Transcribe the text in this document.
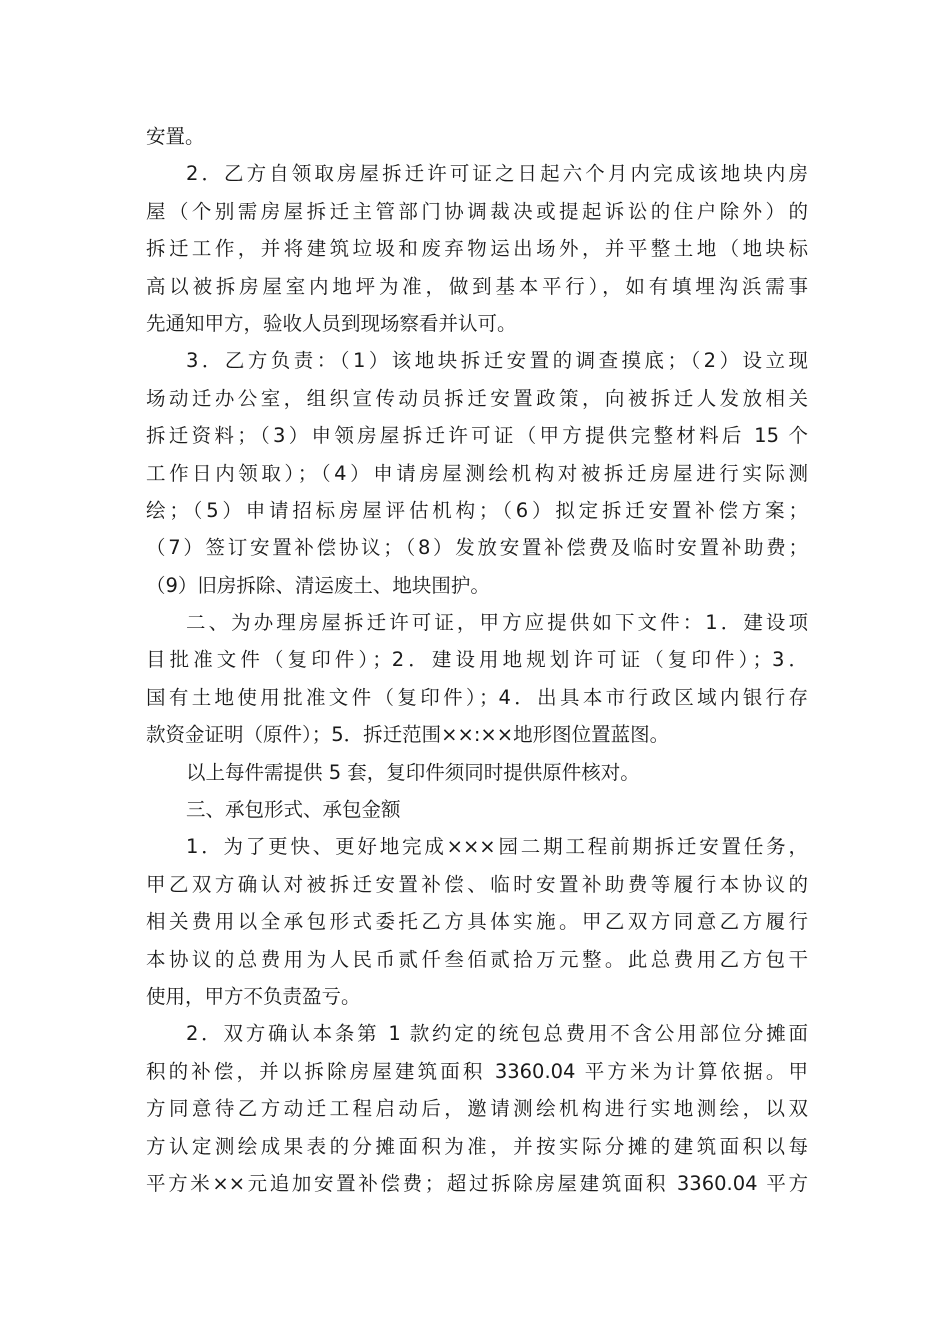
安置。
2．乙方自领取房屋拆迁许可证之日起六个月内完成该地块内房
屋（个别需房屋拆迁主管部门协调裁决或提起诉讼的住户除外）的
拆迁工作，并将建筑垃圾和废弃物运出场外，并平整土地（地块标
高以被拆房屋室内地坪为准，做到基本平行），如有填埋沟浜需事
先通知甲方，验收人员到现场察看并认可。
3．乙方负责：（1）该地块拆迁安置的调查摸底；（2）设立现
场动迁办公室，组织宣传动员拆迁安置政策，向被拆迁人发放相关
拆迁资料；（3）申领房屋拆迁许可证（甲方提供完整材料后 15 个
工作日内领取）；（4）申请房屋测绘机构对被拆迁房屋进行实际测
绘；（5）申请招标房屋评估机构；（6）拟定拆迁安置补偿方案；
（7）签订安置补偿协议；（8）发放安置补偿费及临时安置补助费；
（9）旧房拆除、清运废土、地块围护。
二、为办理房屋拆迁许可证，甲方应提供如下文件：1．建设项
目批准文件（复印件）；2．建设用地规划许可证（复印件）；3．
国有土地使用批准文件（复印件）；4．出具本市行政区域内银行存
款资金证明（原件）；5．拆迁范围××:××地形图位置蓝图。
以上每件需提供 5 套，复印件须同时提供原件核对。
三、承包形式、承包金额
1．为了更快、更好地完成×××园二期工程前期拆迁安置任务，
甲乙双方确认对被拆迁安置补偿、临时安置补助费等履行本协议的
相关费用以全承包形式委托乙方具体实施。甲乙双方同意乙方履行
本协议的总费用为人民币贰仟叁佰贰拾万元整。此总费用乙方包干
使用，甲方不负责盈亏。
2．双方确认本条第 1 款约定的统包总费用不含公用部位分摊面
积的补偿，并以拆除房屋建筑面积 3360.04 平方米为计算依据。甲
方同意待乙方动迁工程启动后，邀请测绘机构进行实地测绘，以双
方认定测绘成果表的分摊面积为准，并按实际分摊的建筑面积以每
平方米××元追加安置补偿费；超过拆除房屋建筑面积 3360.04 平方
